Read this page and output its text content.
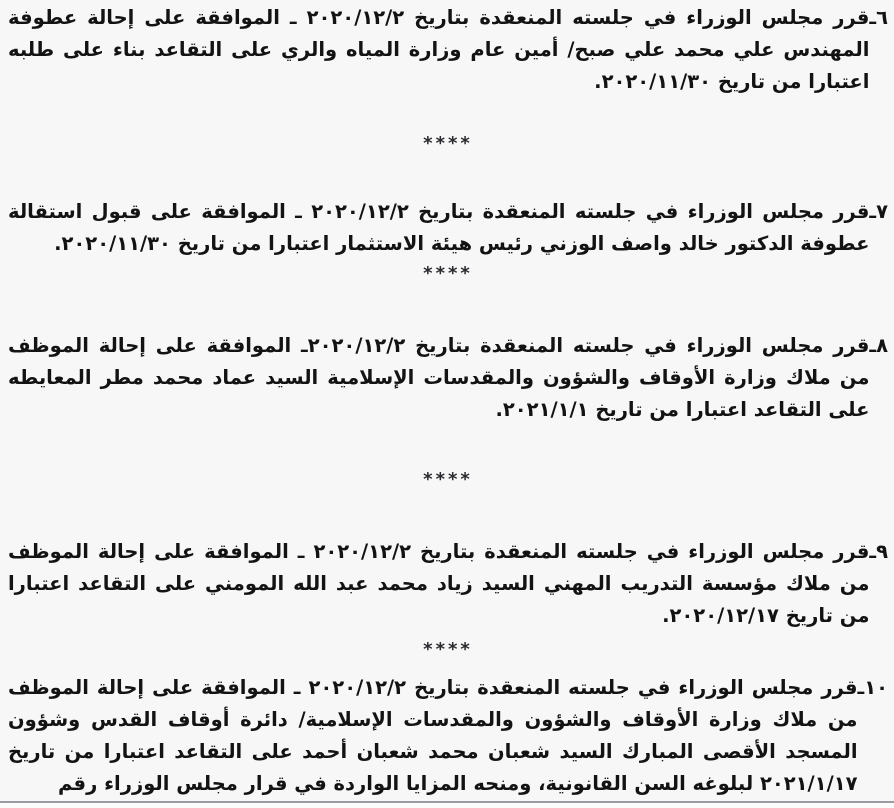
٦ـ
قرر مجلس الوزراء في جلسته المنعقدة بتاريخ ٢٠٢٠/١٢/٢ ـ الموافقة على إحالة عطوفة المهندس علي محمد علي صبح/ أمين عام وزارة المياه والري على التقاعد بناء على طلبه اعتبارا من تاريخ ٢٠٢٠/١١/٣٠.

****

٧ـ
قرر مجلس الوزراء في جلسته المنعقدة بتاريخ ٢٠٢٠/١٢/٢ ـ الموافقة على قبول استقالة عطوفة الدكتور خالد واصف الوزني رئيس هيئة الاستثمار اعتبارا من تاريخ ٢٠٢٠/١١/٣٠.

****

٨ـ
قرر مجلس الوزراء في جلسته المنعقدة بتاريخ ٢٠٢٠/١٢/٢ـ الموافقة على إحالة الموظف من ملاك وزارة الأوقاف والشؤون والمقدسات الإسلامية السيد عماد محمد مطر المعايطه على التقاعد اعتبارا من تاريخ ٢٠٢١/١/١.

****

٩ـ
قرر مجلس الوزراء في جلسته المنعقدة بتاريخ ٢٠٢٠/١٢/٢ ـ الموافقة على إحالة الموظف من ملاك مؤسسة التدريب المهني السيد زياد محمد عبد الله المومني على التقاعد اعتبارا من تاريخ ٢٠٢٠/١٢/١٧.

****

١٠ـ
قرر مجلس الوزراء في جلسته المنعقدة بتاريخ ٢٠٢٠/١٢/٢ ـ الموافقة على إحالة الموظف من ملاك وزارة الأوقاف والشؤون والمقدسات الإسلامية/ دائرة أوقاف القدس وشؤون المسجد الأقصى المبارك السيد شعبان محمد شعبان أحمد على التقاعد اعتبارا من تاريخ ٢٠٢١/١/١٧ لبلوغه السن القانونية، ومنحه المزايا الواردة في قرار مجلس الوزراء رقم
